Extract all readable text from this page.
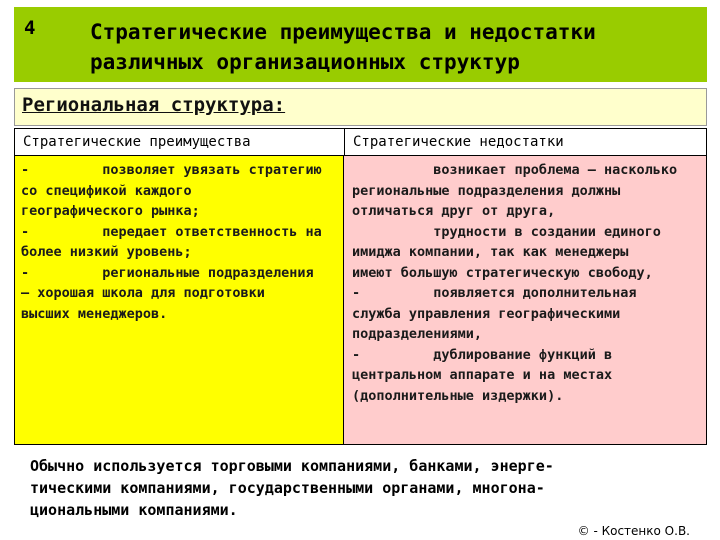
4	Стратегические преимущества и недостатки
различных организационных структур
Региональная структура:
Стратегические преимущества	Стратегические недостатки
-         позволяет увязать стратегию
со спецификой каждого
географического рынка;
-         передает ответственность на
более низкий уровень;
-         региональные подразделения
– хорошая школа для подготовки
высших менеджеров.
возникает проблема – насколько
региональные подразделения должны
отличаться друг от друга,
трудности в создании единого
имиджа компании, так как менеджеры
имеют большую стратегическую свободу,
-         появляется дополнительная
служба управления географическими
подразделениями,
-         дублирование функций в
центральном аппарате и на местах
(дополнительные издержки).
Обычно используется торговыми компаниями, банками, энерге-
тическими компаниями, государственными органами, многона-
циональными компаниями.
© - Костенко О.В.
